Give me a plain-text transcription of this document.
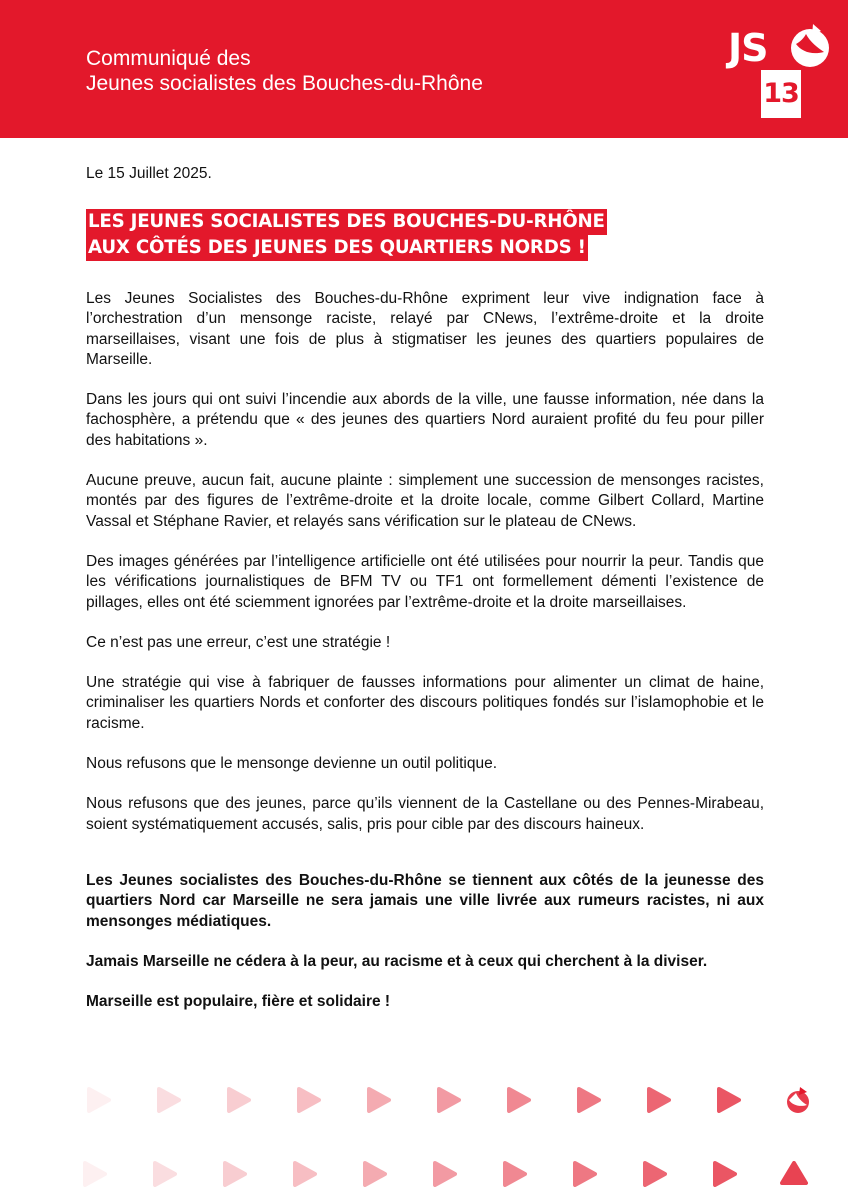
Communiqué des
Jeunes socialistes des Bouches-du-Rhône
JS
13
Le 15 Juillet 2025.
LES JEUNES SOCIALISTES DES BOUCHES-DU-RHÔNE
AUX CÔTÉS DES JEUNES DES QUARTIERS NORDS !

Les Jeunes Socialistes des Bouches-du-Rhône expriment leur vive indignation face à l’orchestration d’un mensonge raciste, relayé par CNews, l’extrême-droite et la droite marseillaises, visant une fois de plus à stigmatiser les jeunes des quartiers populaires de Marseille.

Dans les jours qui ont suivi l’incendie aux abords de la ville, une fausse information, née dans la fachosphère, a prétendu que « des jeunes des quartiers Nord auraient profité du feu pour piller des habitations ».

Aucune preuve, aucun fait, aucune plainte : simplement une succession de mensonges racistes, montés par des figures de l’extrême-droite et la droite locale, comme Gilbert Collard, Martine Vassal et Stéphane Ravier, et relayés sans vérification sur le plateau de CNews.

Des images générées par l’intelligence artificielle ont été utilisées pour nourrir la peur. Tandis que les vérifications journalistiques de BFM TV ou TF1 ont formellement démenti l’existence de pillages, elles ont été sciemment ignorées par l’extrême-droite et la droite marseillaises.

Ce n’est pas une erreur, c’est une stratégie !

Une stratégie qui vise à fabriquer de fausses informations pour alimenter un climat de haine, criminaliser les quartiers Nords et conforter des discours politiques fondés sur l’islamophobie et le racisme.

Nous refusons que le mensonge devienne un outil politique.

Nous refusons que des jeunes, parce qu’ils viennent de la Castellane ou des Pennes-Mirabeau, soient systématiquement accusés, salis, pris pour cible par des discours haineux.

Les Jeunes socialistes des Bouches-du-Rhône se tiennent aux côtés de la jeunesse des quartiers Nord car Marseille ne sera jamais une ville livrée aux rumeurs racistes, ni aux mensonges médiatiques.

Jamais Marseille ne cédera à la peur, au racisme et à ceux qui cherchent à la diviser.

Marseille est populaire, fière et solidaire !
